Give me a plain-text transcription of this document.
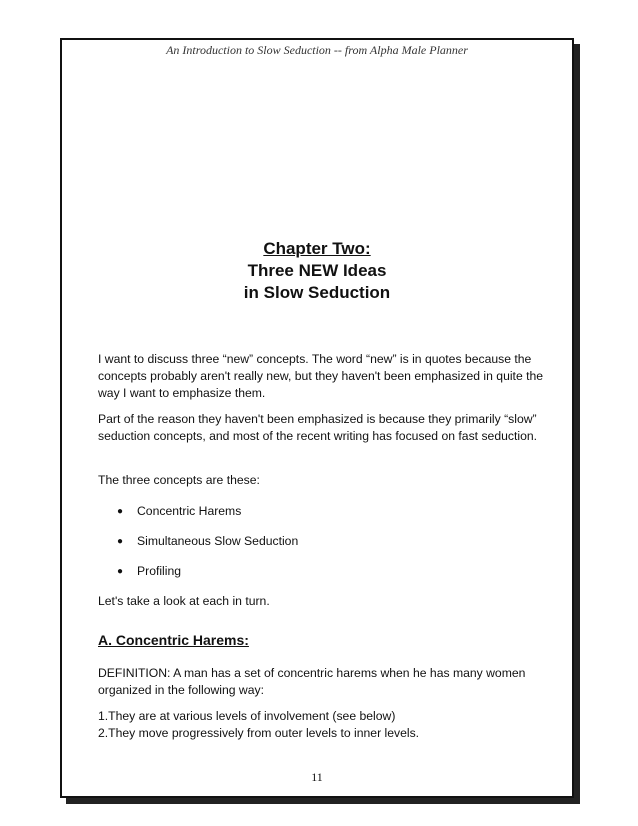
An Introduction to Slow Seduction -- from Alpha Male Planner
Chapter Two:
Three NEW Ideas
in Slow Seduction

I want to discuss three “new” concepts. The word “new” is in quotes because the concepts probably aren't really new, but they haven't been emphasized in quite the way I want to emphasize them.

Part of the reason they haven't been emphasized is because they primarily “slow” seduction concepts, and most of the recent writing has focused on fast seduction.

The three concepts are these:

● Concentric Harems
● Simultaneous Slow Seduction
● Profiling

Let's take a look at each in turn.

A. Concentric Harems:

DEFINITION: A man has a set of concentric harems when he has many women organized in the following way:

1.They are at various levels of involvement (see below)
2.They move progressively from outer levels to inner levels.
11
